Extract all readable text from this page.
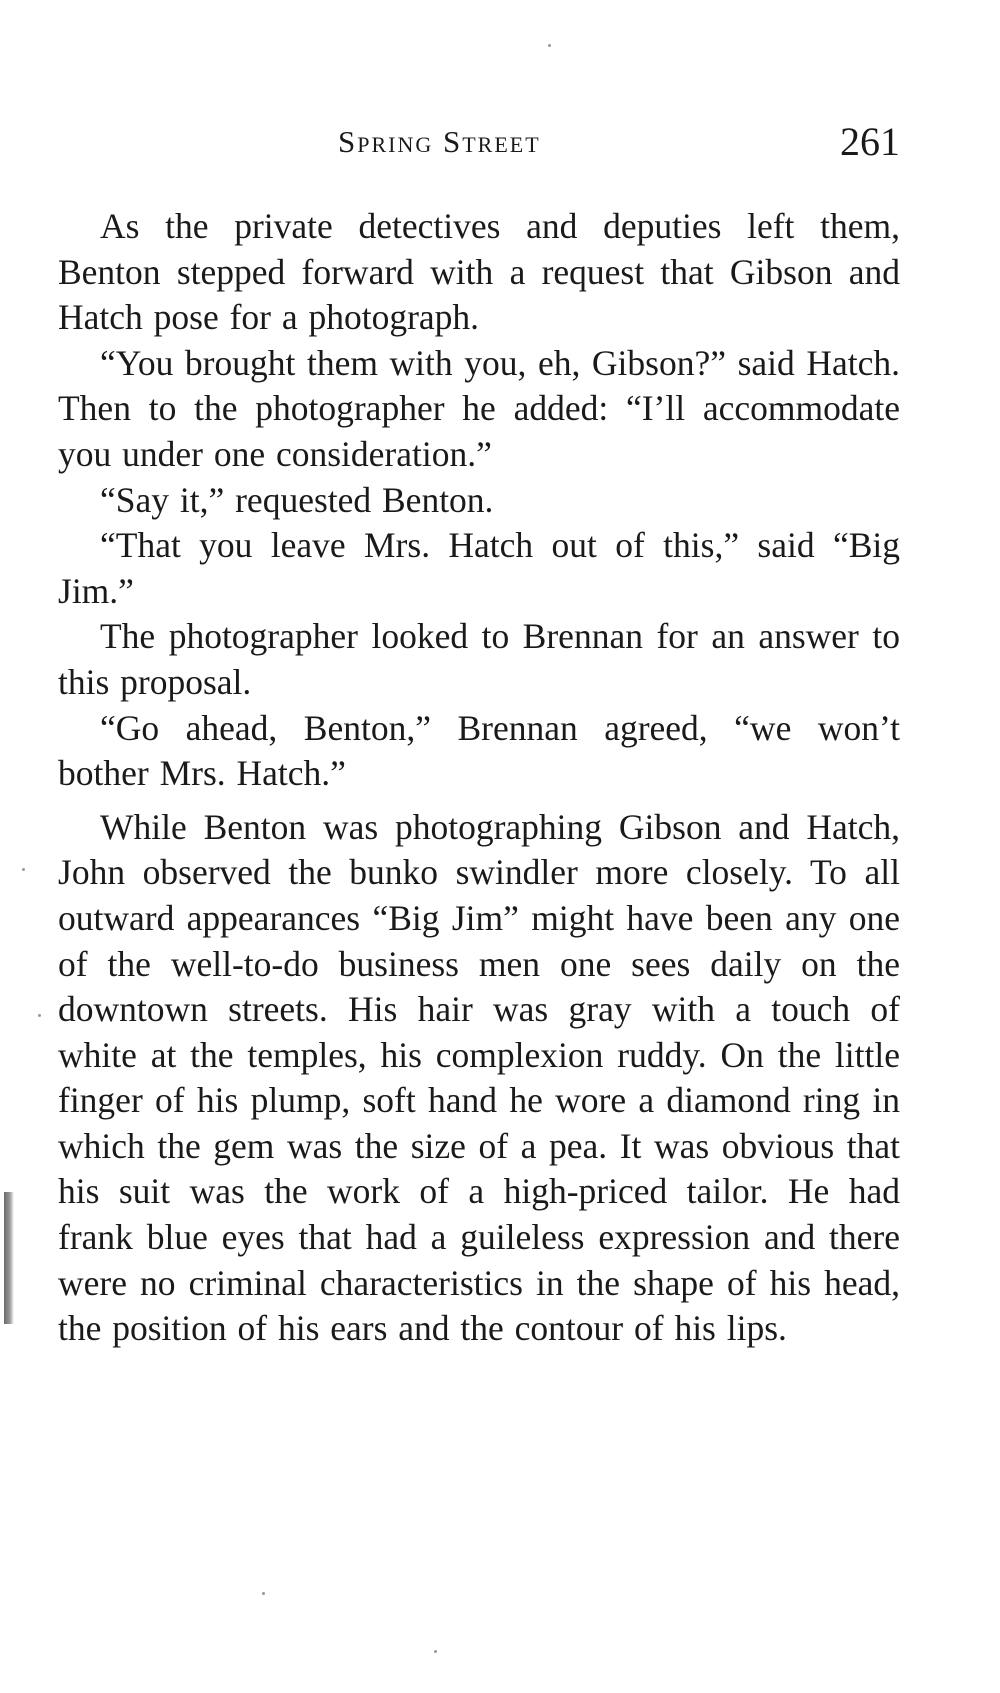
Spring Street	261

As the private detectives and deputies left them, Benton stepped forward with a request that Gibson and Hatch pose for a photograph.

“You brought them with you, eh, Gibson?” said Hatch. Then to the photographer he added: “I’ll accommodate you under one consideration.”

“Say it,” requested Benton.

“That you leave Mrs. Hatch out of this,” said “Big Jim.”

The photographer looked to Brennan for an answer to this proposal.

“Go ahead, Benton,” Brennan agreed, “we won’t bother Mrs. Hatch.”

While Benton was photographing Gibson and Hatch, John observed the bunko swindler more closely. To all outward appearances “Big Jim” might have been any one of the well-to-do business men one sees daily on the downtown streets. His hair was gray with a touch of white at the temples, his complexion ruddy. On the little finger of his plump, soft hand he wore a diamond ring in which the gem was the size of a pea. It was obvious that his suit was the work of a high-priced tailor. He had frank blue eyes that had a guileless expression and there were no criminal characteristics in the shape of his head, the position of his ears and the contour of his lips.
